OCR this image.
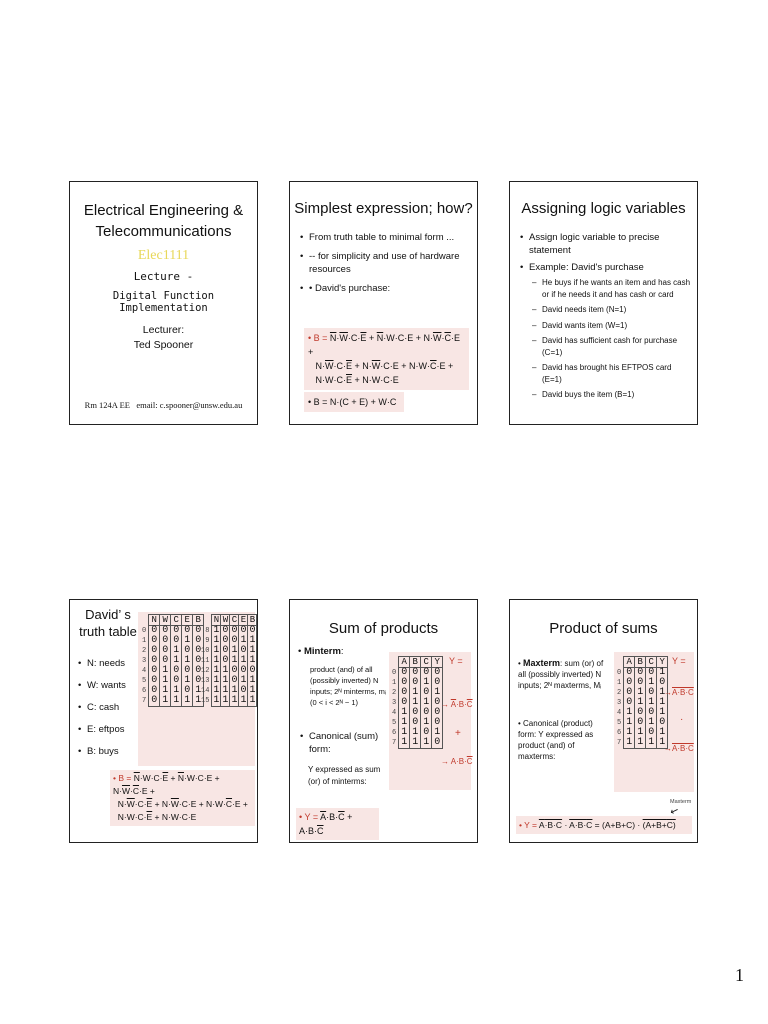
Electrical Engineering &
Telecommunications
Elec1111
Lecture -
Digital Function Implementation
Lecturer:
Ted Spooner
Rm 124A EE email: c.spooner@unsw.edu.au
Simplest expression; how?
• From truth table to minimal form ...
• -- for simplicity and use of hardware resources
• • David's purchase:
• $B = \overline{N}\cdot\overline{W}\cdot C\cdot\overline{E} + \overline{N}\cdot W\cdot C\cdot E + N\cdot\overline{W}\cdot\overline{C}\cdot E$ +
$N\cdot\overline{W}\cdot C\cdot\overline{E} + N\cdot\overline{W}\cdot C\cdot E + N\cdot W\cdot\overline{C}\cdot E$ +
$N\cdot W\cdot C\cdot\overline{E} + N\cdot W\cdot C\cdot E$
• B = N·(C + E) + W·C
Assigning logic variables
• Assign logic variable to precise statement
• Example: David's purchase
– He buys if he wants an item and has cash or if he needs it and has cash or card
– David needs item (N=1)
– David wants item (W=1)
– David has sufficient cash for purchase (C=1)
– David has brought his EFTPOS card (E=1)
– David buys the item (B=1)
David’ s
truth table
• N: needs
• W: wants
• C: cash
• E: eftpos
• B: buys
	N	W	C	E	B
0	0	0	0	0	0
1	0	0	0	1	0
2	0	0	1	0	0
3	0	0	1	1	0
4	0	1	0	0	0
5	0	1	0	1	0
6	0	1	1	0	1
7	0	1	1	1	1
	N	W	C	E	B
8	1	0	0	0	0
9	1	0	0	1	1
10	1	0	1	0	1
11	1	0	1	1	1
12	1	1	0	0	0
13	1	1	0	1	1
14	1	1	1	0	1
15	1	1	1	1	1
• $B = \overline{N}\cdot W\cdot C\cdot\overline{E} + \overline{N}\cdot W\cdot C\cdot E + N\cdot\overline{W}\cdot\overline{C}\cdot E$ +
$N\cdot\overline{W}\cdot C\cdot\overline{E} + N\cdot\overline{W}\cdot C\cdot E + N\cdot W\cdot\overline{C}\cdot E$ +
$N\cdot W\cdot C\cdot\overline{E} + N\cdot W\cdot C\cdot E$
Sum of products
• Minterm:
product (and) of all (possibly inverted) N inputs; 2ᴺ minterms, mᵢ (0 < i < 2ᴺ − 1)
• Canonical (sum) form:
Y expressed as sum (or) of minterms:
	A	B	C	Y
0	0	0	0	0
1	0	0	1	0
2	0	1	0	1
3	0	1	1	0
4	1	0	0	0
5	1	0	1	0
6	1	1	0	1
7	1	1	1	0
Y =
→ $\overline{A}\cdot B\cdot\overline{C}$
+
→ $A\cdot B\cdot\overline{C}$
• $Y = \overline{A}\cdot B\cdot\overline{C} + A\cdot B\cdot\overline{C}$
Product of sums
• Maxterm: sum (or) of all (possibly inverted) N inputs; 2ᴺ maxterms, Mᵢ
• Canonical (product) form: Y expressed as product (and) of maxterms:
	A	B	C	Y
0	0	0	0	1
1	0	0	1	0
2	0	1	0	1
3	0	1	1	1
4	1	0	0	1
5	1	0	1	0
6	1	1	0	1
7	1	1	1	1
Y =
→A·B·C
·
→A·B·C
Maxterm
• Y = A·B·C · A·B·C = (A+B+C) · (A+B+C)
↙
1
